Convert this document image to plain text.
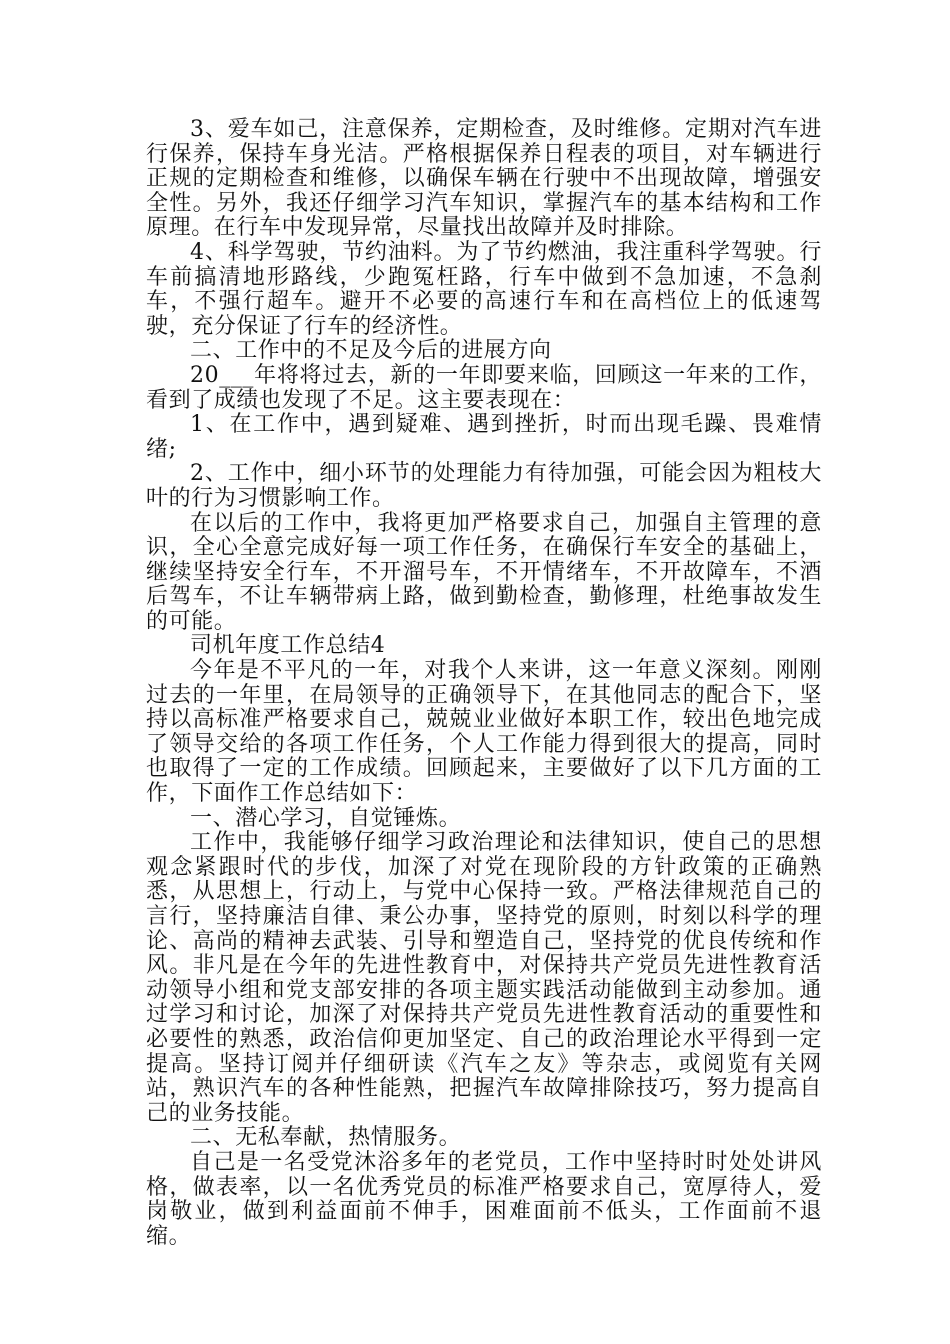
3、爱车如己，注意保养，定期检查，及时维修。定期对汽车进行保养，保持车身光洁。严格根据保养日程表的项目，对车辆进行正规的定期检查和维修，以确保车辆在行驶中不出现故障，增强安全性。另外，我还仔细学习汽车知识，掌握汽车的基本结构和工作原理。在行车中发现异常，尽量找出故障并及时排除。

4、科学驾驶，节约油料。为了节约燃油，我注重科学驾驶。行车前搞清地形路线，少跑冤枉路，行车中做到不急加速，不急刹车，不强行超车。避开不必要的高速行车和在高档位上的低速驾驶，充分保证了行车的经济性。

二、工作中的不足及今后的进展方向

20___年将将过去，新的一年即要来临，回顾这一年来的工作，看到了成绩也发现了不足。这主要表现在：

1、在工作中，遇到疑难、遇到挫折，时而出现毛躁、畏难情绪;

2、工作中，细小环节的处理能力有待加强，可能会因为粗枝大叶的行为习惯影响工作。

在以后的工作中，我将更加严格要求自己，加强自主管理的意识，全心全意完成好每一项工作任务，在确保行车安全的基础上，继续坚持安全行车，不开溜号车，不开情绪车，不开故障车，不酒后驾车，不让车辆带病上路，做到勤检查，勤修理，杜绝事故发生的可能。

司机年度工作总结4

今年是不平凡的一年，对我个人来讲，这一年意义深刻。刚刚过去的一年里，在局领导的正确领导下，在其他同志的配合下，坚持以高标准严格要求自己，兢兢业业做好本职工作，较出色地完成了领导交给的各项工作任务，个人工作能力得到很大的提高，同时也取得了一定的工作成绩。回顾起来，主要做好了以下几方面的工作，下面作工作总结如下：

一、潜心学习，自觉锤炼。

工作中，我能够仔细学习政治理论和法律知识，使自己的思想观念紧跟时代的步伐，加深了对党在现阶段的方针政策的正确熟悉，从思想上，行动上，与党中心保持一致。严格法律规范自己的言行，坚持廉洁自律、秉公办事，坚持党的原则，时刻以科学的理论、高尚的精神去武装、引导和塑造自己，坚持党的优良传统和作风。非凡是在今年的先进性教育中，对保持共产党员先进性教育活动领导小组和党支部安排的各项主题实践活动能做到主动参加。通过学习和讨论，加深了对保持共产党员先进性教育活动的重要性和必要性的熟悉，政治信仰更加坚定、自己的政治理论水平得到一定提高。坚持订阅并仔细研读《汽车之友》等杂志，或阅览有关网站，熟识汽车的各种性能熟，把握汽车故障排除技巧，努力提高自己的业务技能。

二、无私奉献，热情服务。

自己是一名受党沐浴多年的老党员，工作中坚持时时处处讲风格，做表率，以一名优秀党员的标准严格要求自己，宽厚待人，爱岗敬业，做到利益面前不伸手，困难面前不低头，工作面前不退缩。
